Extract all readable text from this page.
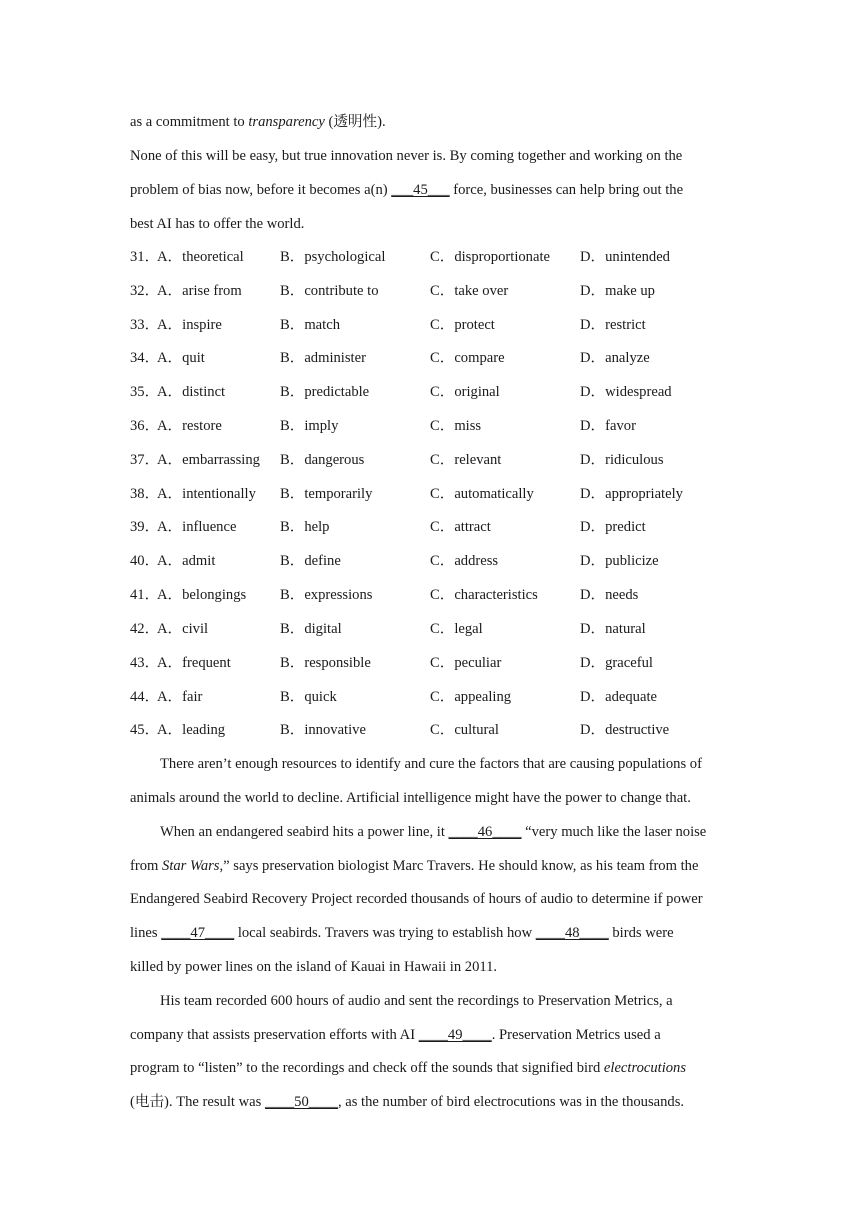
as a commitment to transparency (透明性).
None of this will be easy, but true innovation never is. By coming together and working on the
problem of bias now, before it becomes a(n) ___45___ force, businesses can help bring out the
best AI has to offer the world.
31．
A．theoretical B．psychological	C．disproportionate D．unintended
32．
A．arise from	B．contribute to	C．take over	D．make up
33．
A．inspire	B．match	C．protect	D．restrict
34．
A．quit	B．administer	C．compare	D．analyze
35．
A．distinct	B．predictable	C．original	D．widespread
36．
A．restore	B．imply	C．miss	D．favor
37．
A．embarrassing B．dangerous	C．relevant	D．ridiculous
38．
A．intentionally B．temporarily	C．automatically	D．appropriately
39．
A．influence	B．help	C．attract	D．predict
40．
A．admit	B．define	C．address	D．publicize
41．
A．belongings B．expressions	C．characteristics	D．needs
42．
A．civil	B．digital	C．legal	D．natural
43．
A．frequent	B．responsible	C．peculiar	D．graceful
44．
A．fair	B．quick	C．appealing	D．adequate
45．
A．leading	B．innovative	C．cultural	D．destructive
There aren’t enough resources to identify and cure the factors that are causing populations of
animals around the world to decline. Artificial intelligence might have the power to change that.
When an endangered seabird hits a power line, it ____46____ “very much like the laser noise
from Star Wars,” says preservation biologist Marc Travers. He should know, as his team from the
Endangered Seabird Recovery Project recorded thousands of hours of audio to determine if power
lines ____47____ local seabirds. Travers was trying to establish how ____48____ birds were
killed by power lines on the island of Kauai in Hawaii in 2011.
His team recorded 600 hours of audio and sent the recordings to Preservation Metrics, a
company that assists preservation efforts with AI ____49____. Preservation Metrics used a
program to “listen” to the recordings and check off the sounds that signified bird electrocutions
(电击). The result was ____50____, as the number of bird electrocutions was in the thousands.
